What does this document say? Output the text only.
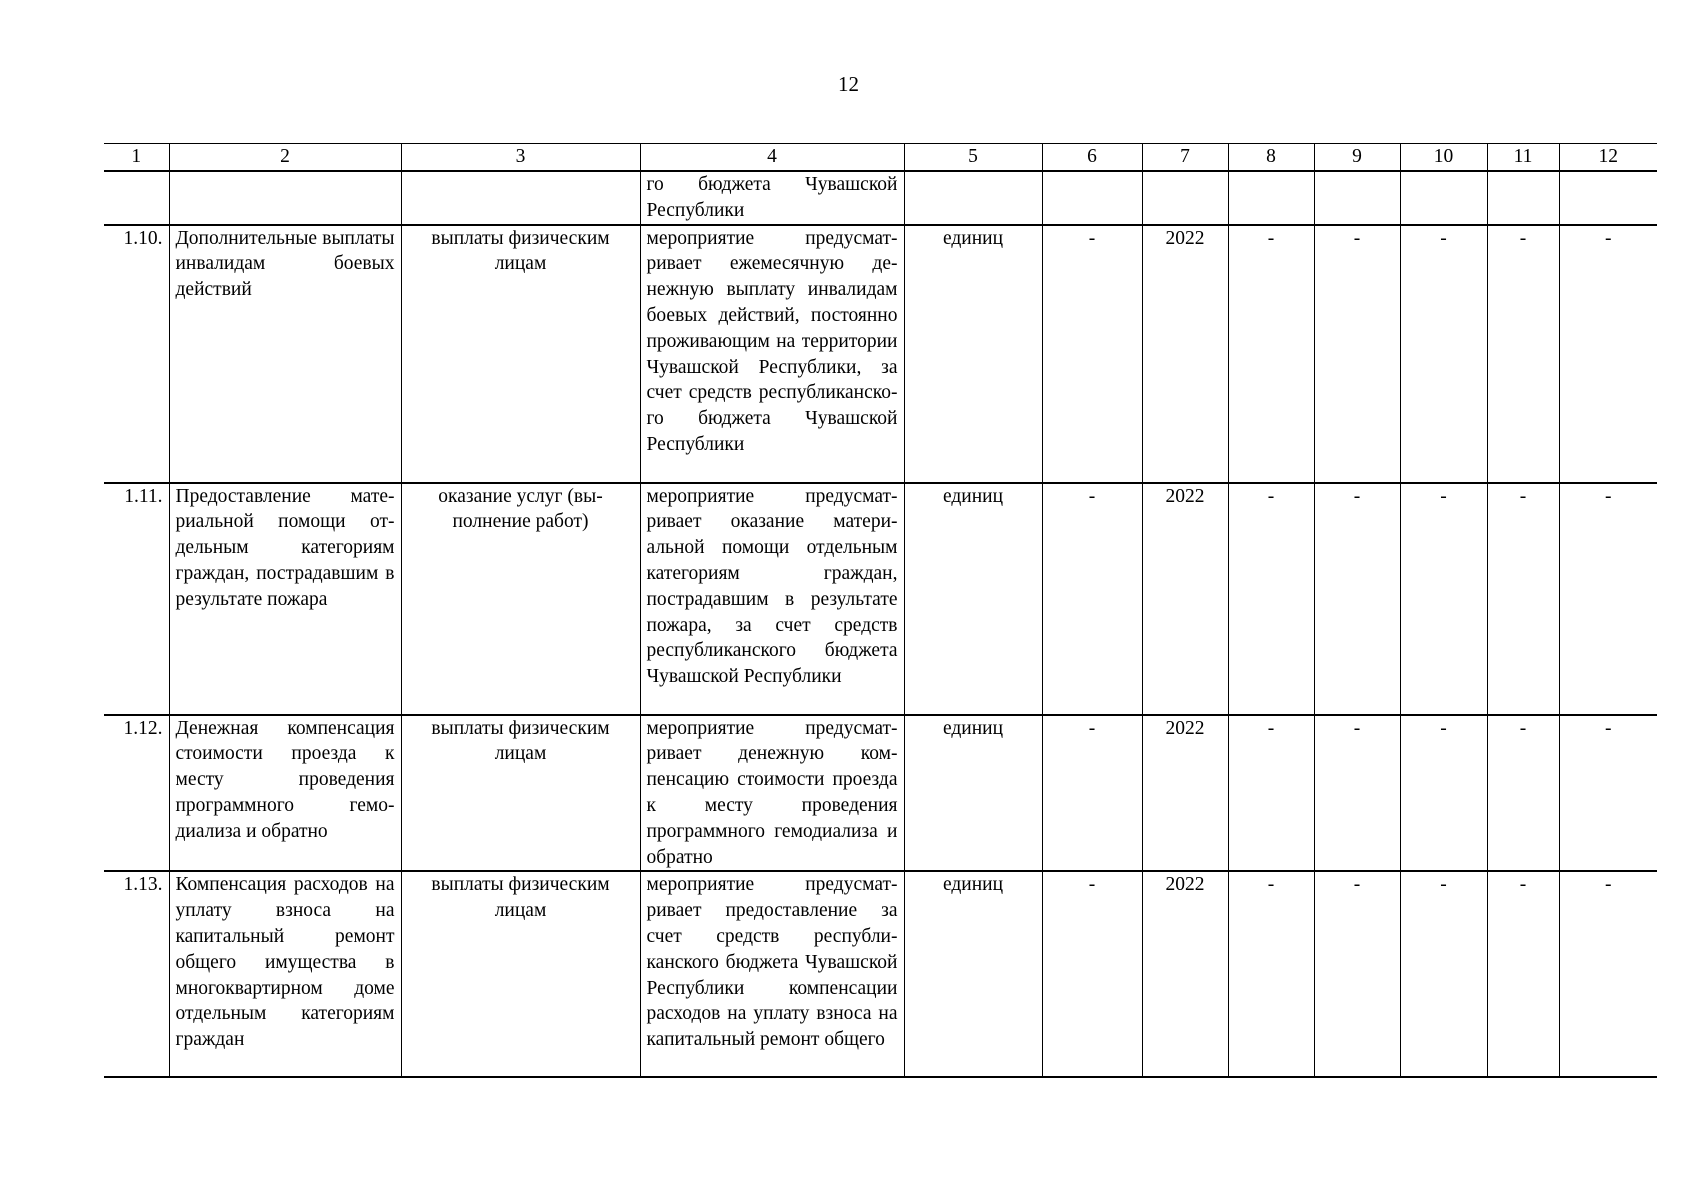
12
1	2	3	4	5	6	7	8	9	10	11	12

			го бюджета Чувашской Республики								

1.10.	Дополнительные выплаты инвалидам боевых действий	выплаты физическим лицам	мероприятие предусматривает ежемесячную денежную выплату инвалидам боевых действий, постоянно проживающим на территории Чувашской Республики, за счет средств республиканского бюджета Чувашской Республики	единиц	-	2022	-	-	-	-	-
1.11.	Предоставление материальной помощи отдельным категориям граждан, пострадавшим в результате пожара	оказание услуг (выполнение работ)	мероприятие предусматривает оказание материальной помощи отдельным категориям граждан, пострадавшим в результате пожара, за счет средств республиканского бюджета Чувашской Республики	единиц	-	2022	-	-	-	-	-
1.12.	Денежная компенсация стоимости проезда к месту проведения программного гемодиализа и обратно	выплаты физическим лицам	мероприятие предусматривает денежную компенсацию стоимости проезда к месту проведения программного гемодиализа и обратно	единиц	-	2022	-	-	-	-	-
1.13.	Компенсация расходов на уплату взноса на капитальный ремонт общего имущества в многоквартирном доме отдельным категориям граждан	выплаты физическим лицам	мероприятие предусматривает предоставление за счет средств республиканского бюджета Чувашской Республики компенсации расходов на уплату взноса на капитальный ремонт общего	единиц	-	2022	-	-	-	-	-
